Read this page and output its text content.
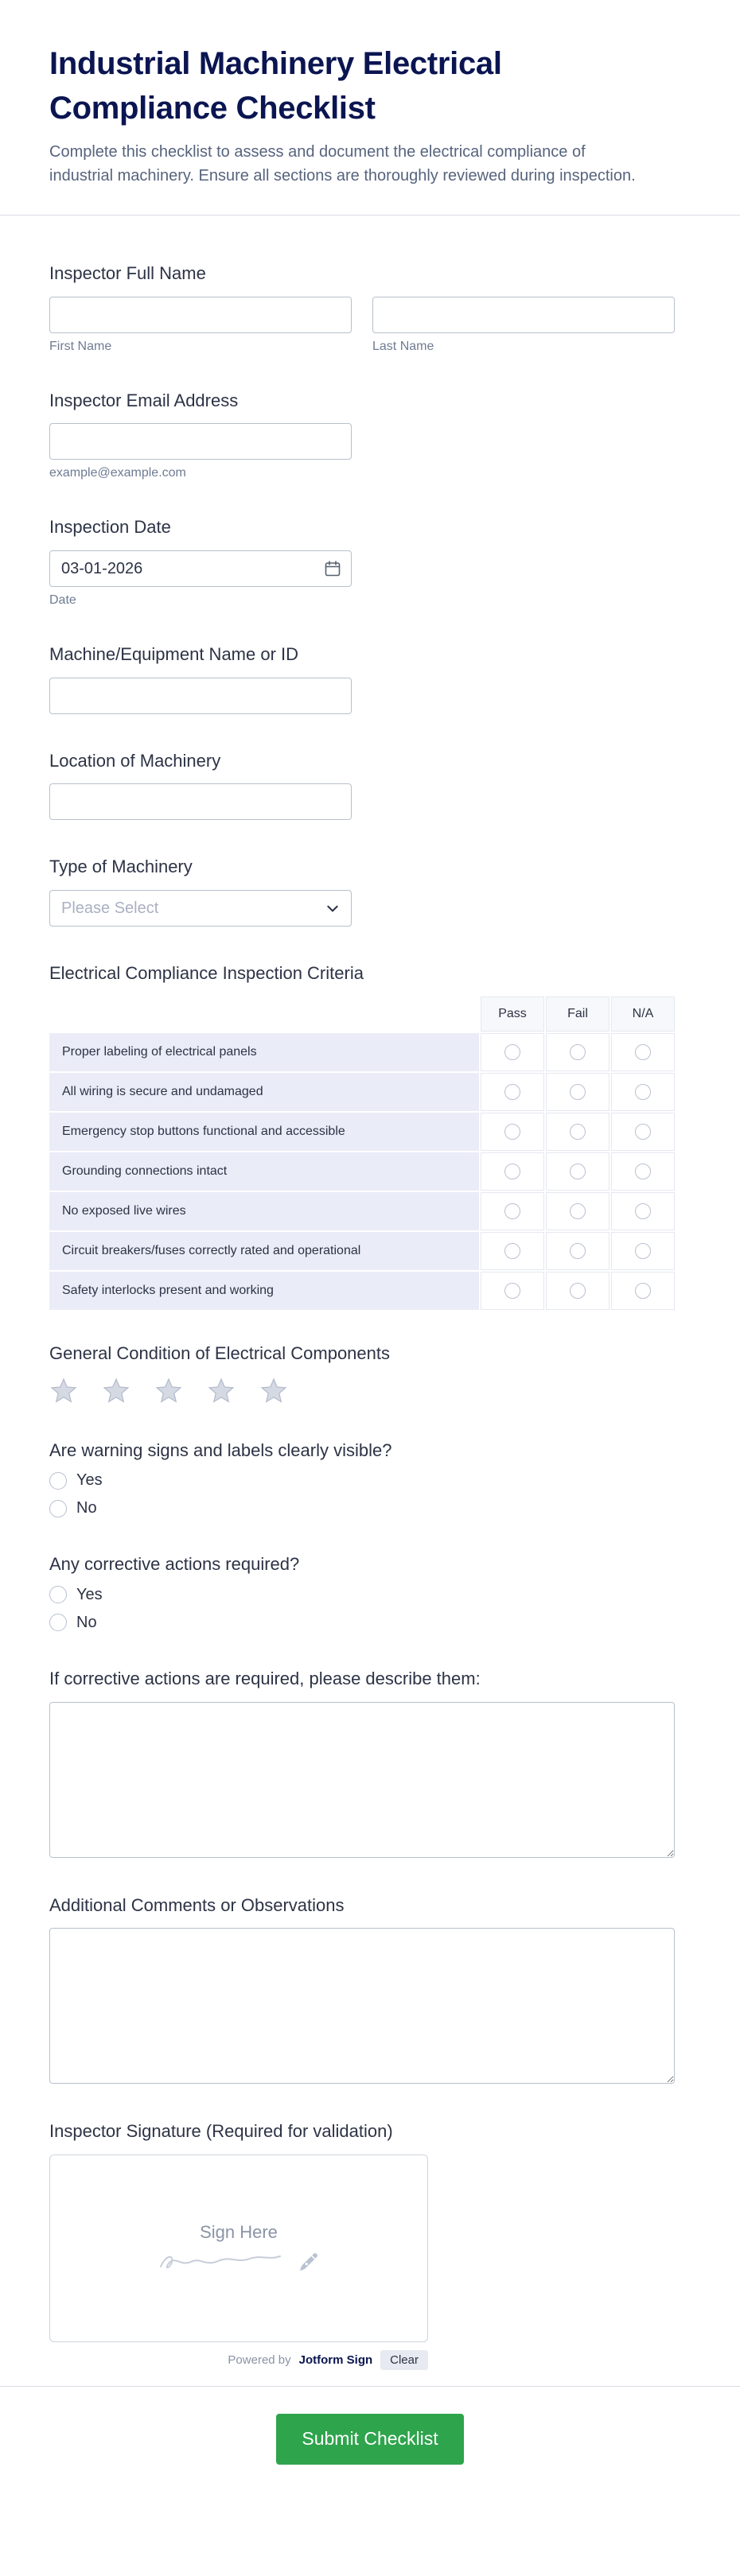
Industrial Machinery Electrical Compliance Checklist

Complete this checklist to assess and document the electrical compliance of industrial machinery. Ensure all sections are thoroughly reviewed during inspection.

Inspector Full Name
First Name	Last Name
Inspector Email Address
example@example.com
Inspection Date
03-01-2026
Date
Machine/Equipment Name or ID
Location of Machinery
Type of Machinery
Please Select
Electrical Compliance Inspection Criteria
Pass	Fail	N/A
Proper labeling of electrical panels
All wiring is secure and undamaged
Emergency stop buttons functional and accessible
Grounding connections intact
No exposed live wires
Circuit breakers/fuses correctly rated and operational
Safety interlocks present and working
General Condition of Electrical Components
Are warning signs and labels clearly visible?
Yes
No
Any corrective actions required?
Yes
No
If corrective actions are required, please describe them:
Additional Comments or Observations
Inspector Signature (Required for validation)
Sign Here
Powered by Jotform Sign	Clear
Submit Checklist
